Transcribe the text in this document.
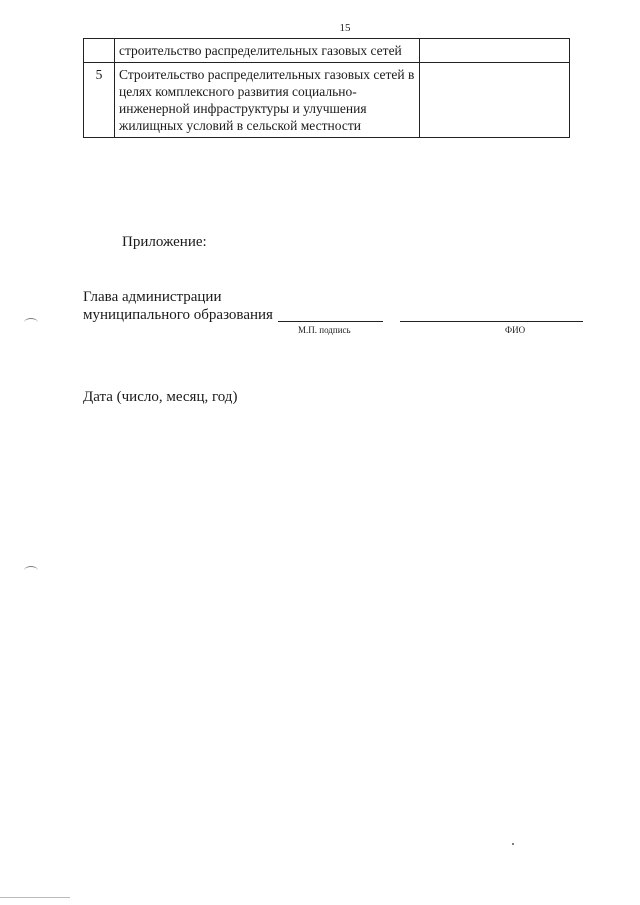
15
	строительство распределительных газовых сетей	
5	Строительство распределительных газовых сетей в целях комплексного развития социально-инженерной инфраструктуры и улучшения жилищных условий в сельской местности	
Приложение:
Глава администрации
муниципального образования
М.П. подпись	ФИО
Дата (число, месяц, год)
